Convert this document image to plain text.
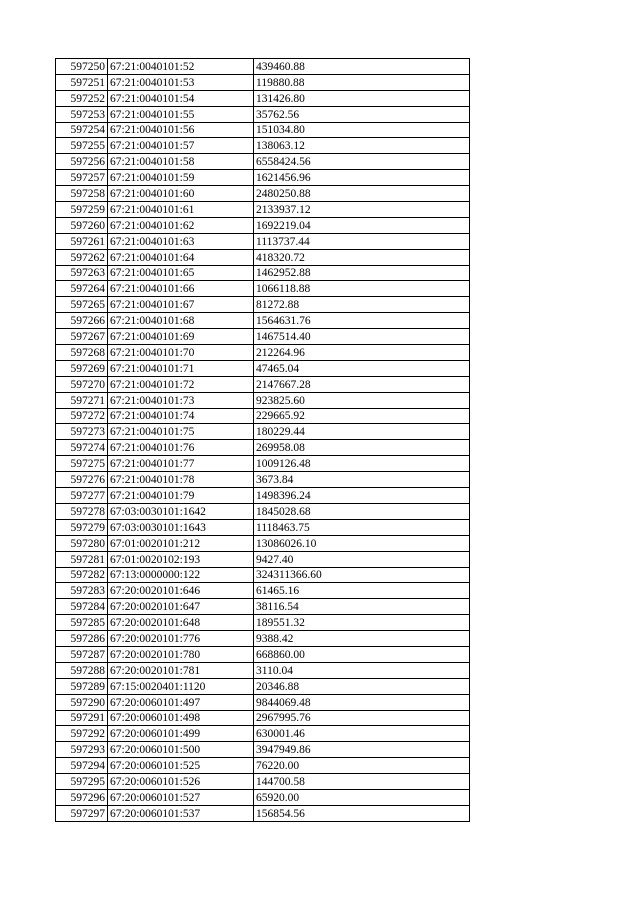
597250	67:21:0040101:52	439460.88
597251	67:21:0040101:53	119880.88
597252	67:21:0040101:54	131426.80
597253	67:21:0040101:55	35762.56
597254	67:21:0040101:56	151034.80
597255	67:21:0040101:57	138063.12
597256	67:21:0040101:58	6558424.56
597257	67:21:0040101:59	1621456.96
597258	67:21:0040101:60	2480250.88
597259	67:21:0040101:61	2133937.12
597260	67:21:0040101:62	1692219.04
597261	67:21:0040101:63	1113737.44
597262	67:21:0040101:64	418320.72
597263	67:21:0040101:65	1462952.88
597264	67:21:0040101:66	1066118.88
597265	67:21:0040101:67	81272.88
597266	67:21:0040101:68	1564631.76
597267	67:21:0040101:69	1467514.40
597268	67:21:0040101:70	212264.96
597269	67:21:0040101:71	47465.04
597270	67:21:0040101:72	2147667.28
597271	67:21:0040101:73	923825.60
597272	67:21:0040101:74	229665.92
597273	67:21:0040101:75	180229.44
597274	67:21:0040101:76	269958.08
597275	67:21:0040101:77	1009126.48
597276	67:21:0040101:78	3673.84
597277	67:21:0040101:79	1498396.24
597278	67:03:0030101:1642	1845028.68
597279	67:03:0030101:1643	1118463.75
597280	67:01:0020101:212	13086026.10
597281	67:01:0020102:193	9427.40
597282	67:13:0000000:122	324311366.60
597283	67:20:0020101:646	61465.16
597284	67:20:0020101:647	38116.54
597285	67:20:0020101:648	189551.32
597286	67:20:0020101:776	9388.42
597287	67:20:0020101:780	668860.00
597288	67:20:0020101:781	3110.04
597289	67:15:0020401:1120	20346.88
597290	67:20:0060101:497	9844069.48
597291	67:20:0060101:498	2967995.76
597292	67:20:0060101:499	630001.46
597293	67:20:0060101:500	3947949.86
597294	67:20:0060101:525	76220.00
597295	67:20:0060101:526	144700.58
597296	67:20:0060101:527	65920.00
597297	67:20:0060101:537	156854.56
